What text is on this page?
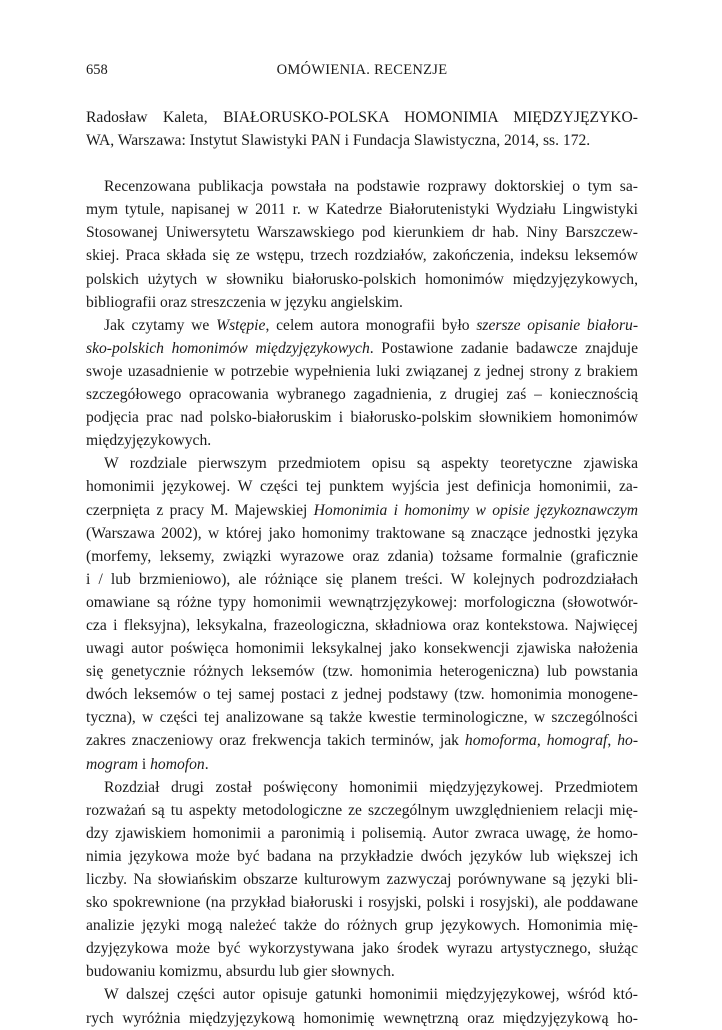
658	OMÓWIENIA. RECENZJE
Radosław Kaleta, BIAŁORUSKO-POLSKA HOMONIMIA MIĘDZYJĘZYKO-
WA, Warszawa: Instytut Slawistyki PAN i Fundacja Slawistyczna, 2014, ss. 172.
Recenzowana publikacja powstała na podstawie rozprawy doktorskiej o tym sa-
mym tytule, napisanej w 2011 r. w Katedrze Białorutenistyki Wydziału Lingwistyki
Stosowanej Uniwersytetu Warszawskiego pod kierunkiem dr hab. Niny Barszczew-
skiej. Praca składa się ze wstępu, trzech rozdziałów, zakończenia, indeksu leksemów
polskich użytych w słowniku białorusko-polskich homonimów międzyjęzykowych,
bibliografii oraz streszczenia w języku angielskim.
Jak czytamy we Wstępie, celem autora monografii było szersze opisanie białoru-
sko-polskich homonimów międzyjęzykowych. Postawione zadanie badawcze znajduje
swoje uzasadnienie w potrzebie wypełnienia luki związanej z jednej strony z brakiem
szczegółowego opracowania wybranego zagadnienia, z drugiej zaś – koniecznością
podjęcia prac nad polsko-białoruskim i białorusko-polskim słownikiem homonimów
międzyjęzykowych.
W rozdziale pierwszym przedmiotem opisu są aspekty teoretyczne zjawiska
homonimii językowej. W części tej punktem wyjścia jest definicja homonimii, za-
czerpnięta z pracy M. Majewskiej Homonimia i homonimy w opisie językoznawczym
(Warszawa 2002), w której jako homonimy traktowane są znaczące jednostki języka
(morfemy, leksemy, związki wyrazowe oraz zdania) tożsame formalnie (graficznie
i / lub brzmieniowo), ale różniące się planem treści. W kolejnych podrozdziałach
omawiane są różne typy homonimii wewnątrzjęzykowej: morfologiczna (słowotwór-
cza i fleksyjna), leksykalna, frazeologiczna, składniowa oraz kontekstowa. Najwięcej
uwagi autor poświęca homonimii leksykalnej jako konsekwencji zjawiska nałożenia
się genetycznie różnych leksemów (tzw. homonimia heterogeniczna) lub powstania
dwóch leksemów o tej samej postaci z jednej podstawy (tzw. homonimia monogene-
tyczna), w części tej analizowane są także kwestie terminologiczne, w szczególności
zakres znaczeniowy oraz frekwencja takich terminów, jak homoforma, homograf, ho-
mogram i homofon.
Rozdział drugi został poświęcony homonimii międzyjęzykowej. Przedmiotem
rozważań są tu aspekty metodologiczne ze szczególnym uwzględnieniem relacji mię-
dzy zjawiskiem homonimii a paronimią i polisemią. Autor zwraca uwagę, że homo-
nimia językowa może być badana na przykładzie dwóch języków lub większej ich
liczby. Na słowiańskim obszarze kulturowym zazwyczaj porównywane są języki bli-
sko spokrewnione (na przykład białoruski i rosyjski, polski i rosyjski), ale poddawane
analizie języki mogą należeć także do różnych grup językowych. Homonimia mię-
dzyjęzykowa może być wykorzystywana jako środek wyrazu artystycznego, służąc
budowaniu komizmu, absurdu lub gier słownych.
W dalszej części autor opisuje gatunki homonimii międzyjęzykowej, wśród któ-
rych wyróżnia międzyjęzykową homonimię wewnętrzną oraz międzyjęzykową ho-
